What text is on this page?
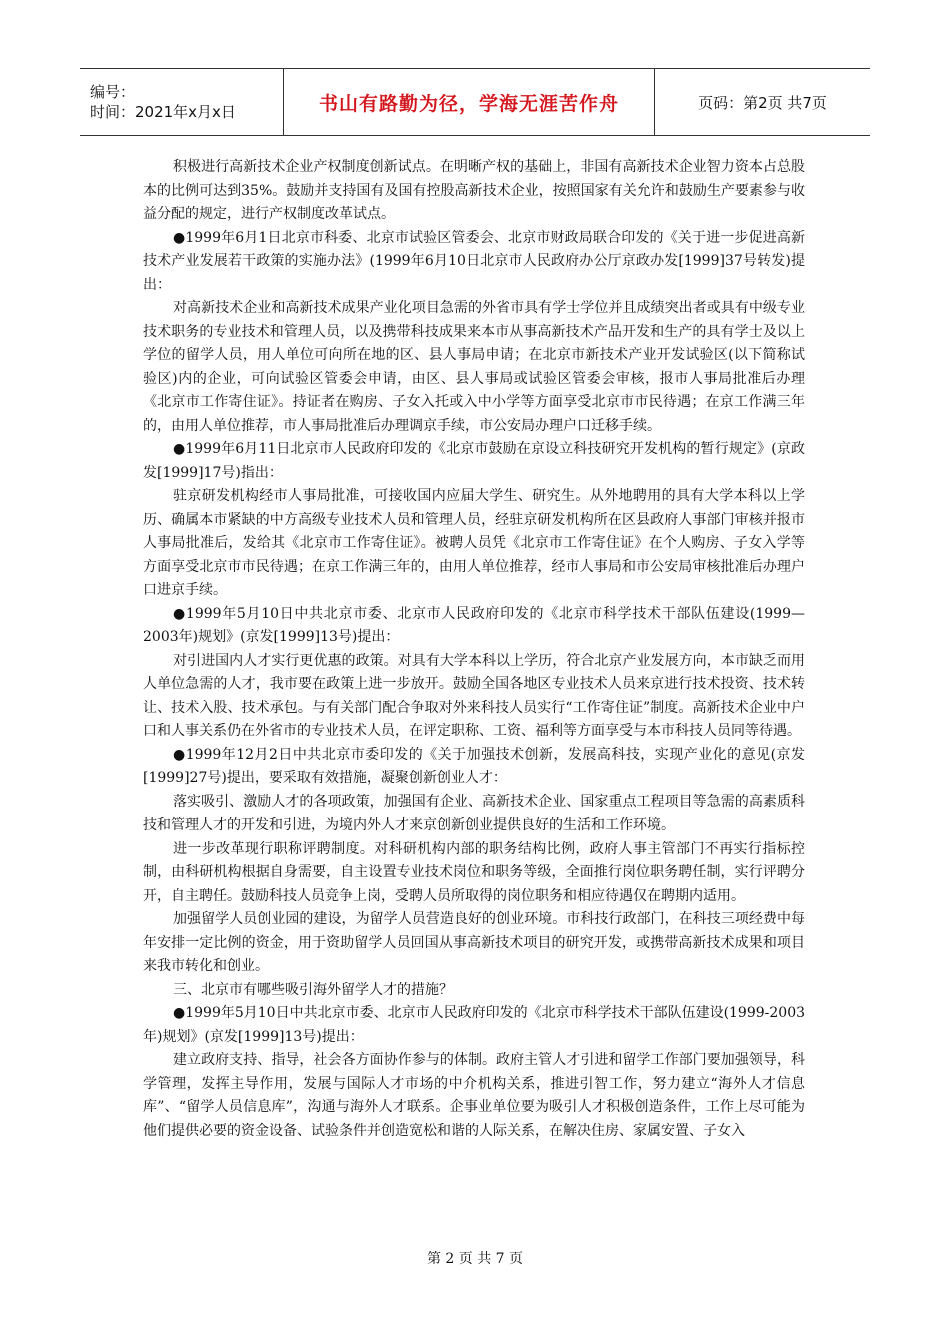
编号：
时间：2021年x月x日	书山有路勤为径，学海无涯苦作舟	页码：第2页 共7页

积极进行高新技术企业产权制度创新试点。在明晰产权的基础上，非国有高新技术企业智力资本占总股本的比例可达到35%。鼓励并支持国有及国有控股高新技术企业，按照国家有关允许和鼓励生产要素参与收益分配的规定，进行产权制度改革试点。

●1999年6月1日北京市科委、北京市试验区管委会、北京市财政局联合印发的《关于进一步促进高新技术产业发展若干政策的实施办法》(1999年6月10日北京市人民政府办公厅京政办发[1999]37号转发)提出：

对高新技术企业和高新技术成果产业化项目急需的外省市具有学士学位并且成绩突出者或具有中级专业技术职务的专业技术和管理人员，以及携带科技成果来本市从事高新技术产品开发和生产的具有学士及以上学位的留学人员，用人单位可向所在地的区、县人事局申请；在北京市新技术产业开发试验区(以下简称试验区)内的企业，可向试验区管委会申请，由区、县人事局或试验区管委会审核，报市人事局批准后办理《北京市工作寄住证》。持证者在购房、子女入托或入中小学等方面享受北京市市民待遇；在京工作满三年的，由用人单位推荐，市人事局批准后办理调京手续，市公安局办理户口迁移手续。

●1999年6月11日北京市人民政府印发的《北京市鼓励在京设立科技研究开发机构的暂行规定》(京政发[1999]17号)指出：

驻京研发机构经市人事局批准，可接收国内应届大学生、研究生。从外地聘用的具有大学本科以上学历、确属本市紧缺的中方高级专业技术人员和管理人员，经驻京研发机构所在区县政府人事部门审核并报市人事局批准后，发给其《北京市工作寄住证》。被聘人员凭《北京市工作寄住证》在个人购房、子女入学等方面享受北京市市民待遇；在京工作满三年的，由用人单位推荐，经市人事局和市公安局审核批准后办理户口进京手续。

●1999年5月10日中共北京市委、北京市人民政府印发的《北京市科学技术干部队伍建设(1999—2003年)规划》(京发[1999]13号)提出：

对引进国内人才实行更优惠的政策。对具有大学本科以上学历，符合北京产业发展方向，本市缺乏而用人单位急需的人才，我市要在政策上进一步放开。鼓励全国各地区专业技术人员来京进行技术投资、技术转让、技术入股、技术承包。与有关部门配合争取对外来科技人员实行“工作寄住证”制度。高新技术企业中户口和人事关系仍在外省市的专业技术人员，在评定职称、工资、福利等方面享受与本市科技人员同等待遇。

●1999年12月2日中共北京市委印发的《关于加强技术创新，发展高科技，实现产业化的意见(京发[1999]27号)提出，要采取有效措施，凝聚创新创业人才：

落实吸引、激励人才的各项政策，加强国有企业、高新技术企业、国家重点工程项目等急需的高素质科技和管理人才的开发和引进，为境内外人才来京创新创业提供良好的生活和工作环境。

进一步改革现行职称评聘制度。对科研机构内部的职务结构比例，政府人事主管部门不再实行指标控制，由科研机构根据自身需要，自主设置专业技术岗位和职务等级，全面推行岗位职务聘任制，实行评聘分开，自主聘任。鼓励科技人员竞争上岗，受聘人员所取得的岗位职务和相应待遇仅在聘期内适用。

加强留学人员创业园的建设，为留学人员营造良好的创业环境。市科技行政部门，在科技三项经费中每年安排一定比例的资金，用于资助留学人员回国从事高新技术项目的研究开发，或携带高新技术成果和项目来我市转化和创业。

三、北京市有哪些吸引海外留学人才的措施？

●1999年5月10日中共北京市委、北京市人民政府印发的《北京市科学技术干部队伍建设(1999-2003年)规划》(京发[1999]13号)提出：

建立政府支持、指导，社会各方面协作参与的体制。政府主管人才引进和留学工作部门要加强领导，科学管理，发挥主导作用，发展与国际人才市场的中介机构关系，推进引智工作，努力建立“海外人才信息库”、“留学人员信息库”，沟通与海外人才联系。企事业单位要为吸引人才积极创造条件，工作上尽可能为他们提供必要的资金设备、试验条件并创造宽松和谐的人际关系，在解决住房、家属安置、子女入

第 2 页 共 7 页
